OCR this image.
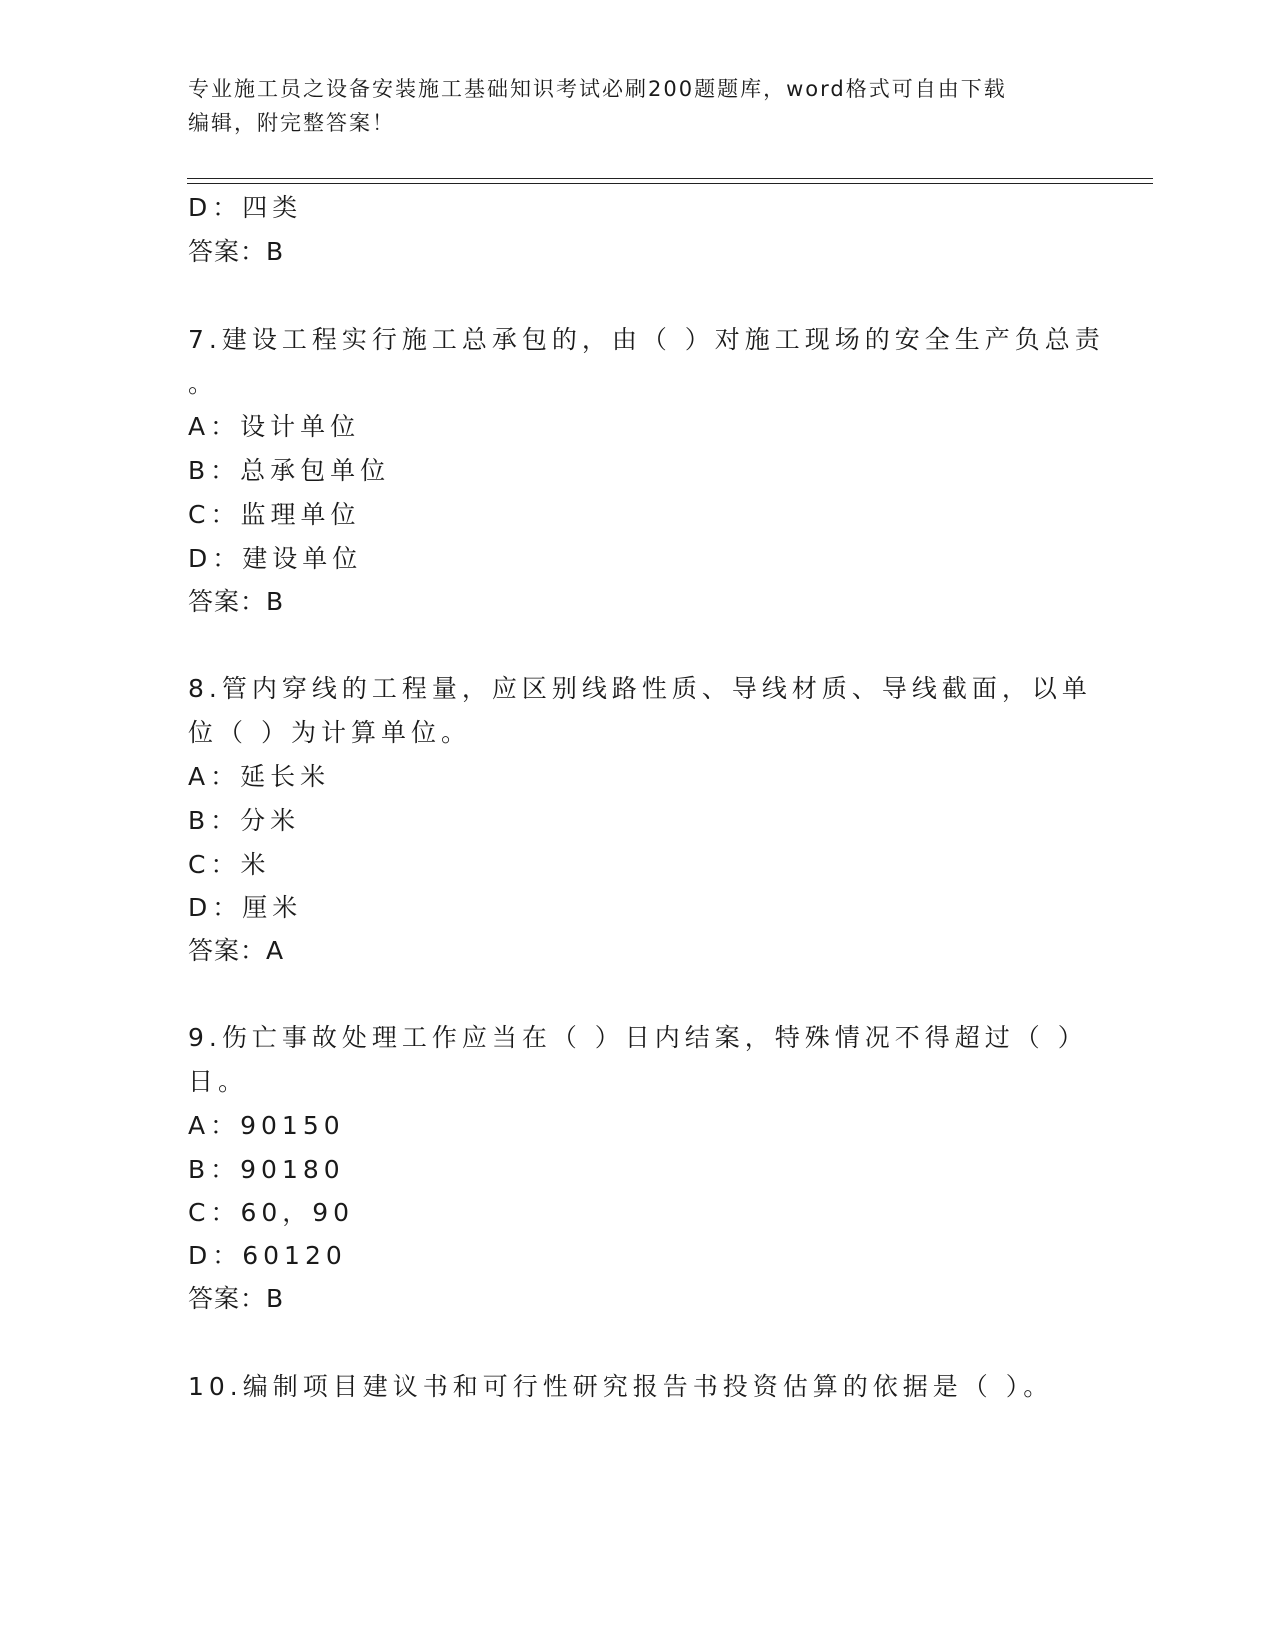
专业施工员之设备安装施工基础知识考试必刷200题题库，word格式可自由下载
编辑，附完整答案！
D：四类
答案：B
7.建设工程实行施工总承包的，由（ ）对施工现场的安全生产负总责
。
A：设计单位
B：总承包单位
C：监理单位
D：建设单位
答案：B
8.管内穿线的工程量，应区别线路性质、导线材质、导线截面，以单
位（ ）为计算单位。
A：延长米
B：分米
C：米
D：厘米
答案：A
9.伤亡事故处理工作应当在（ ）日内结案，特殊情况不得超过（ ）
日。
A：90150
B：90180
C：60，90
D：60120
答案：B
10.编制项目建议书和可行性研究报告书投资估算的依据是（ ）。
